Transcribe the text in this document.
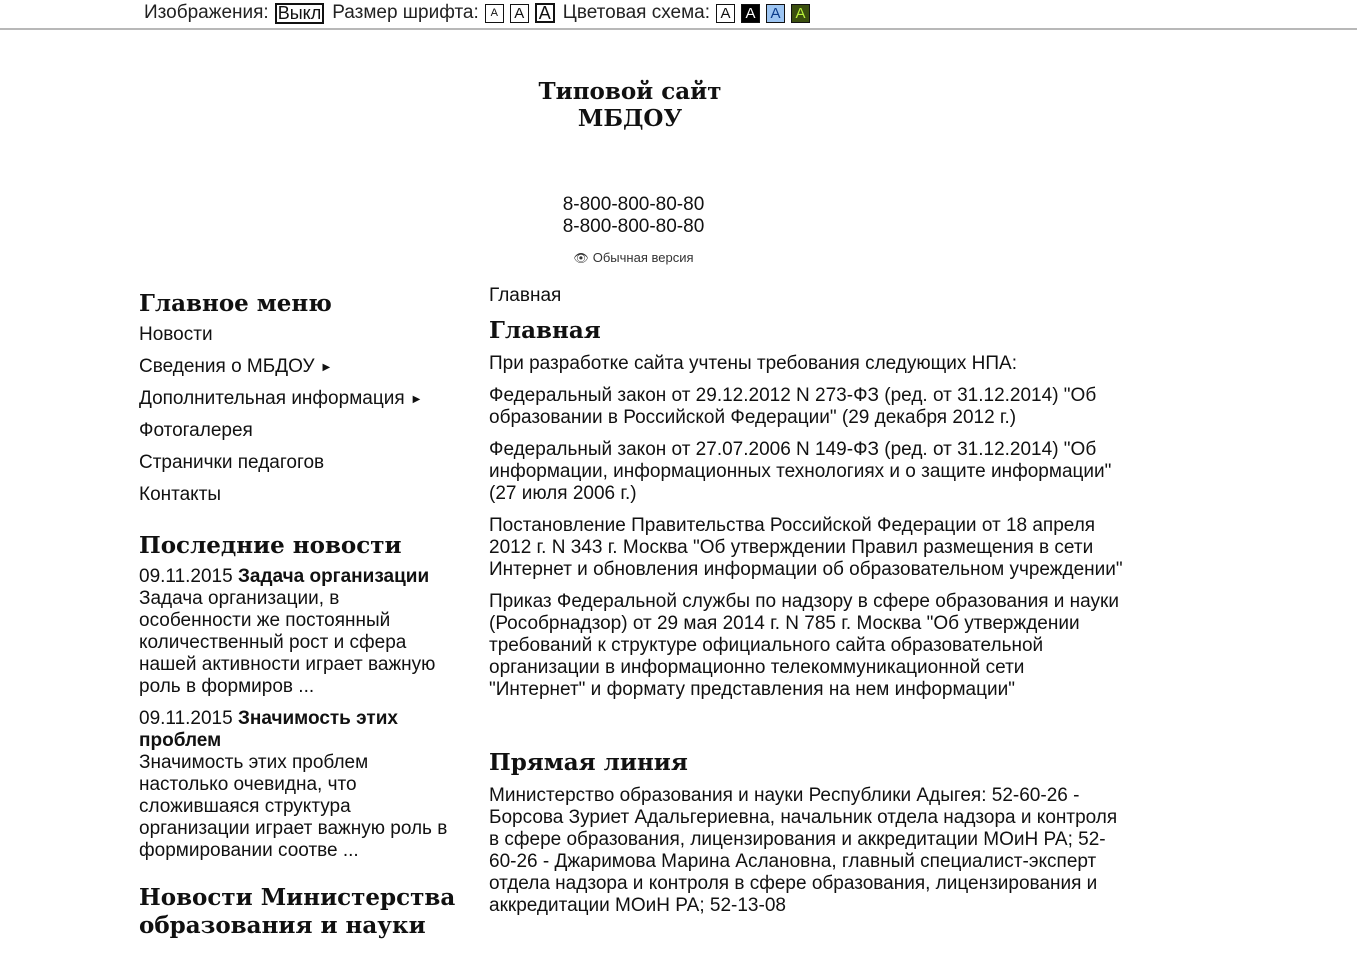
Изображения: Выкл Размер шрифта:	A	A A Цветовая схема: A A A A
Типовой сайт
МБДОУ
8-800-800-80-80
8-800-800-80-80
👁 Обычная версия
Главное меню
Новости
Сведения о МБДОУ ▶
Дополнительная информация ▶
Фотогалерея
Странички педагогов
Контакты
Последние новости
09.11.2015 Задача организации
Задача организации, в особенности же постоянный количественный рост и сфера нашей активности играет важную роль в формиров ...
09.11.2015 Значимость этих проблем
Значимость этих проблем настолько очевидна, что сложившаяся структура организации играет важную роль в формировании соотве ...
Новости Министерства образования и науки
Главная
Главная

При разработке сайта учтены требования следующих НПА:

Федеральный закон от 29.12.2012 N 273-ФЗ (ред. от 31.12.2014) "Об образовании в Российской Федерации" (29 декабря 2012 г.)

Федеральный закон от 27.07.2006 N 149-ФЗ (ред. от 31.12.2014) "Об информации, информационных технологиях и о защите информации" (27 июля 2006 г.)

Постановление Правительства Российской Федерации от 18 апреля 2012 г. N 343 г. Москва "Об утверждении Правил размещения в сети Интернет и обновления информации об образовательном учреждении"

Приказ Федеральной службы по надзору в сфере образования и науки (Рособрнадзор) от 29 мая 2014 г. N 785 г. Москва "Об утверждении требований к структуре официального сайта образовательной организации в информационно телекоммуникационной сети "Интернет" и формату представления на нем информации"

Прямая линия

Министерство образования и науки Республики Адыгея: 52-60-26 - Борсова Зуриет Адальгериевна, начальник отдела надзора и контроля в сфере образования, лицензирования и аккредитации МОиН РА; 52-60-26 - Джаримова Марина Аслановна, главный специалист-эксперт отдела надзора и контроля в сфере образования, лицензирования и аккредитации МОиН РА; 52-13-08
